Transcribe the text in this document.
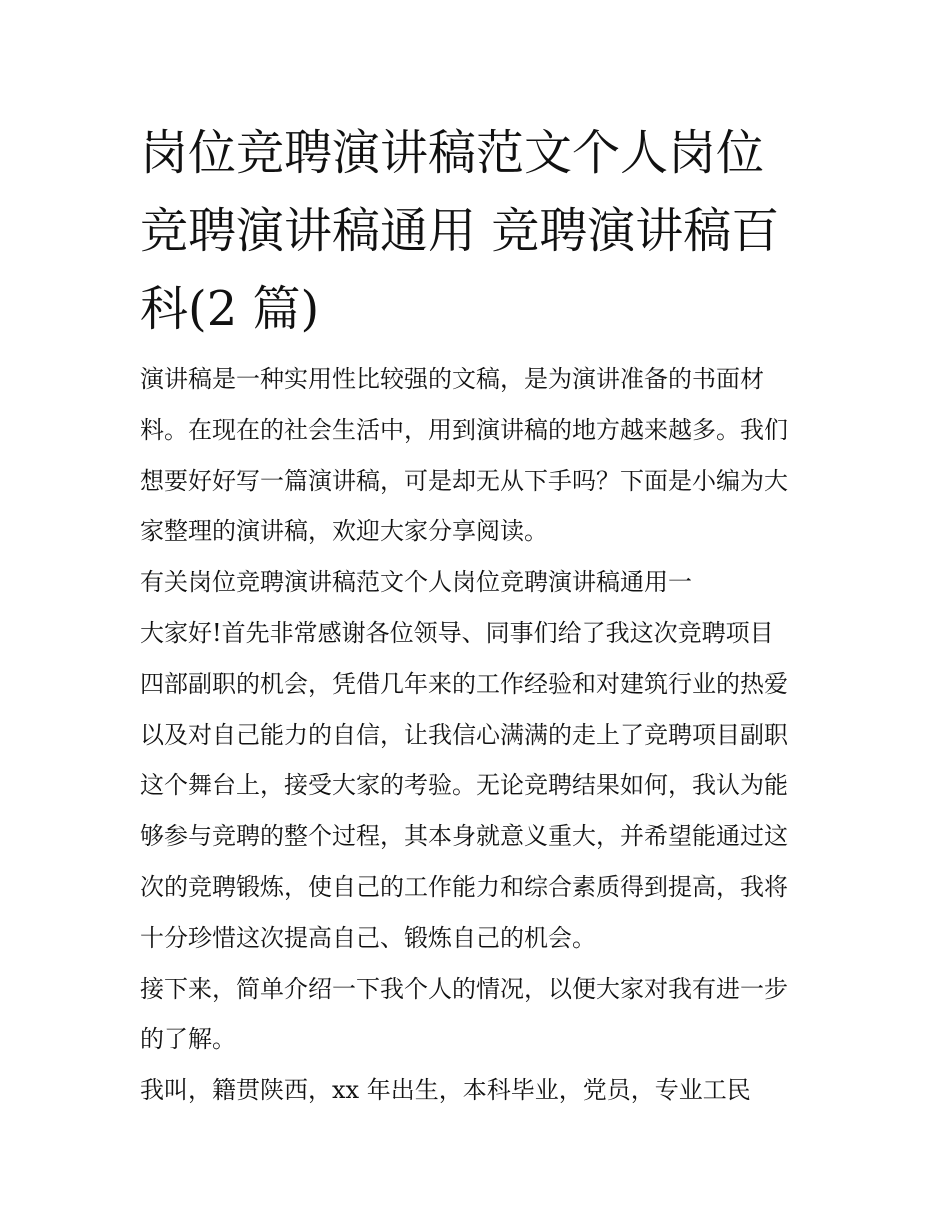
岗位竞聘演讲稿范文个人岗位
竞聘演讲稿通用 竞聘演讲稿百
科(2 篇)
演讲稿是一种实用性比较强的文稿，是为演讲准备的书面材
料。在现在的社会生活中，用到演讲稿的地方越来越多。我们
想要好好写一篇演讲稿，可是却无从下手吗？下面是小编为大
家整理的演讲稿，欢迎大家分享阅读。
有关岗位竞聘演讲稿范文个人岗位竞聘演讲稿通用一
大家好!首先非常感谢各位领导、同事们给了我这次竞聘项目
四部副职的机会，凭借几年来的工作经验和对建筑行业的热爱
以及对自己能力的自信，让我信心满满的走上了竞聘项目副职
这个舞台上，接受大家的考验。无论竞聘结果如何，我认为能
够参与竞聘的整个过程，其本身就意义重大，并希望能通过这
次的竞聘锻炼，使自己的工作能力和综合素质得到提高，我将
十分珍惜这次提高自己、锻炼自己的机会。
接下来，简单介绍一下我个人的情况，以便大家对我有进一步
的了解。
我叫，籍贯陕西，xx 年出生，本科毕业，党员，专业工民
